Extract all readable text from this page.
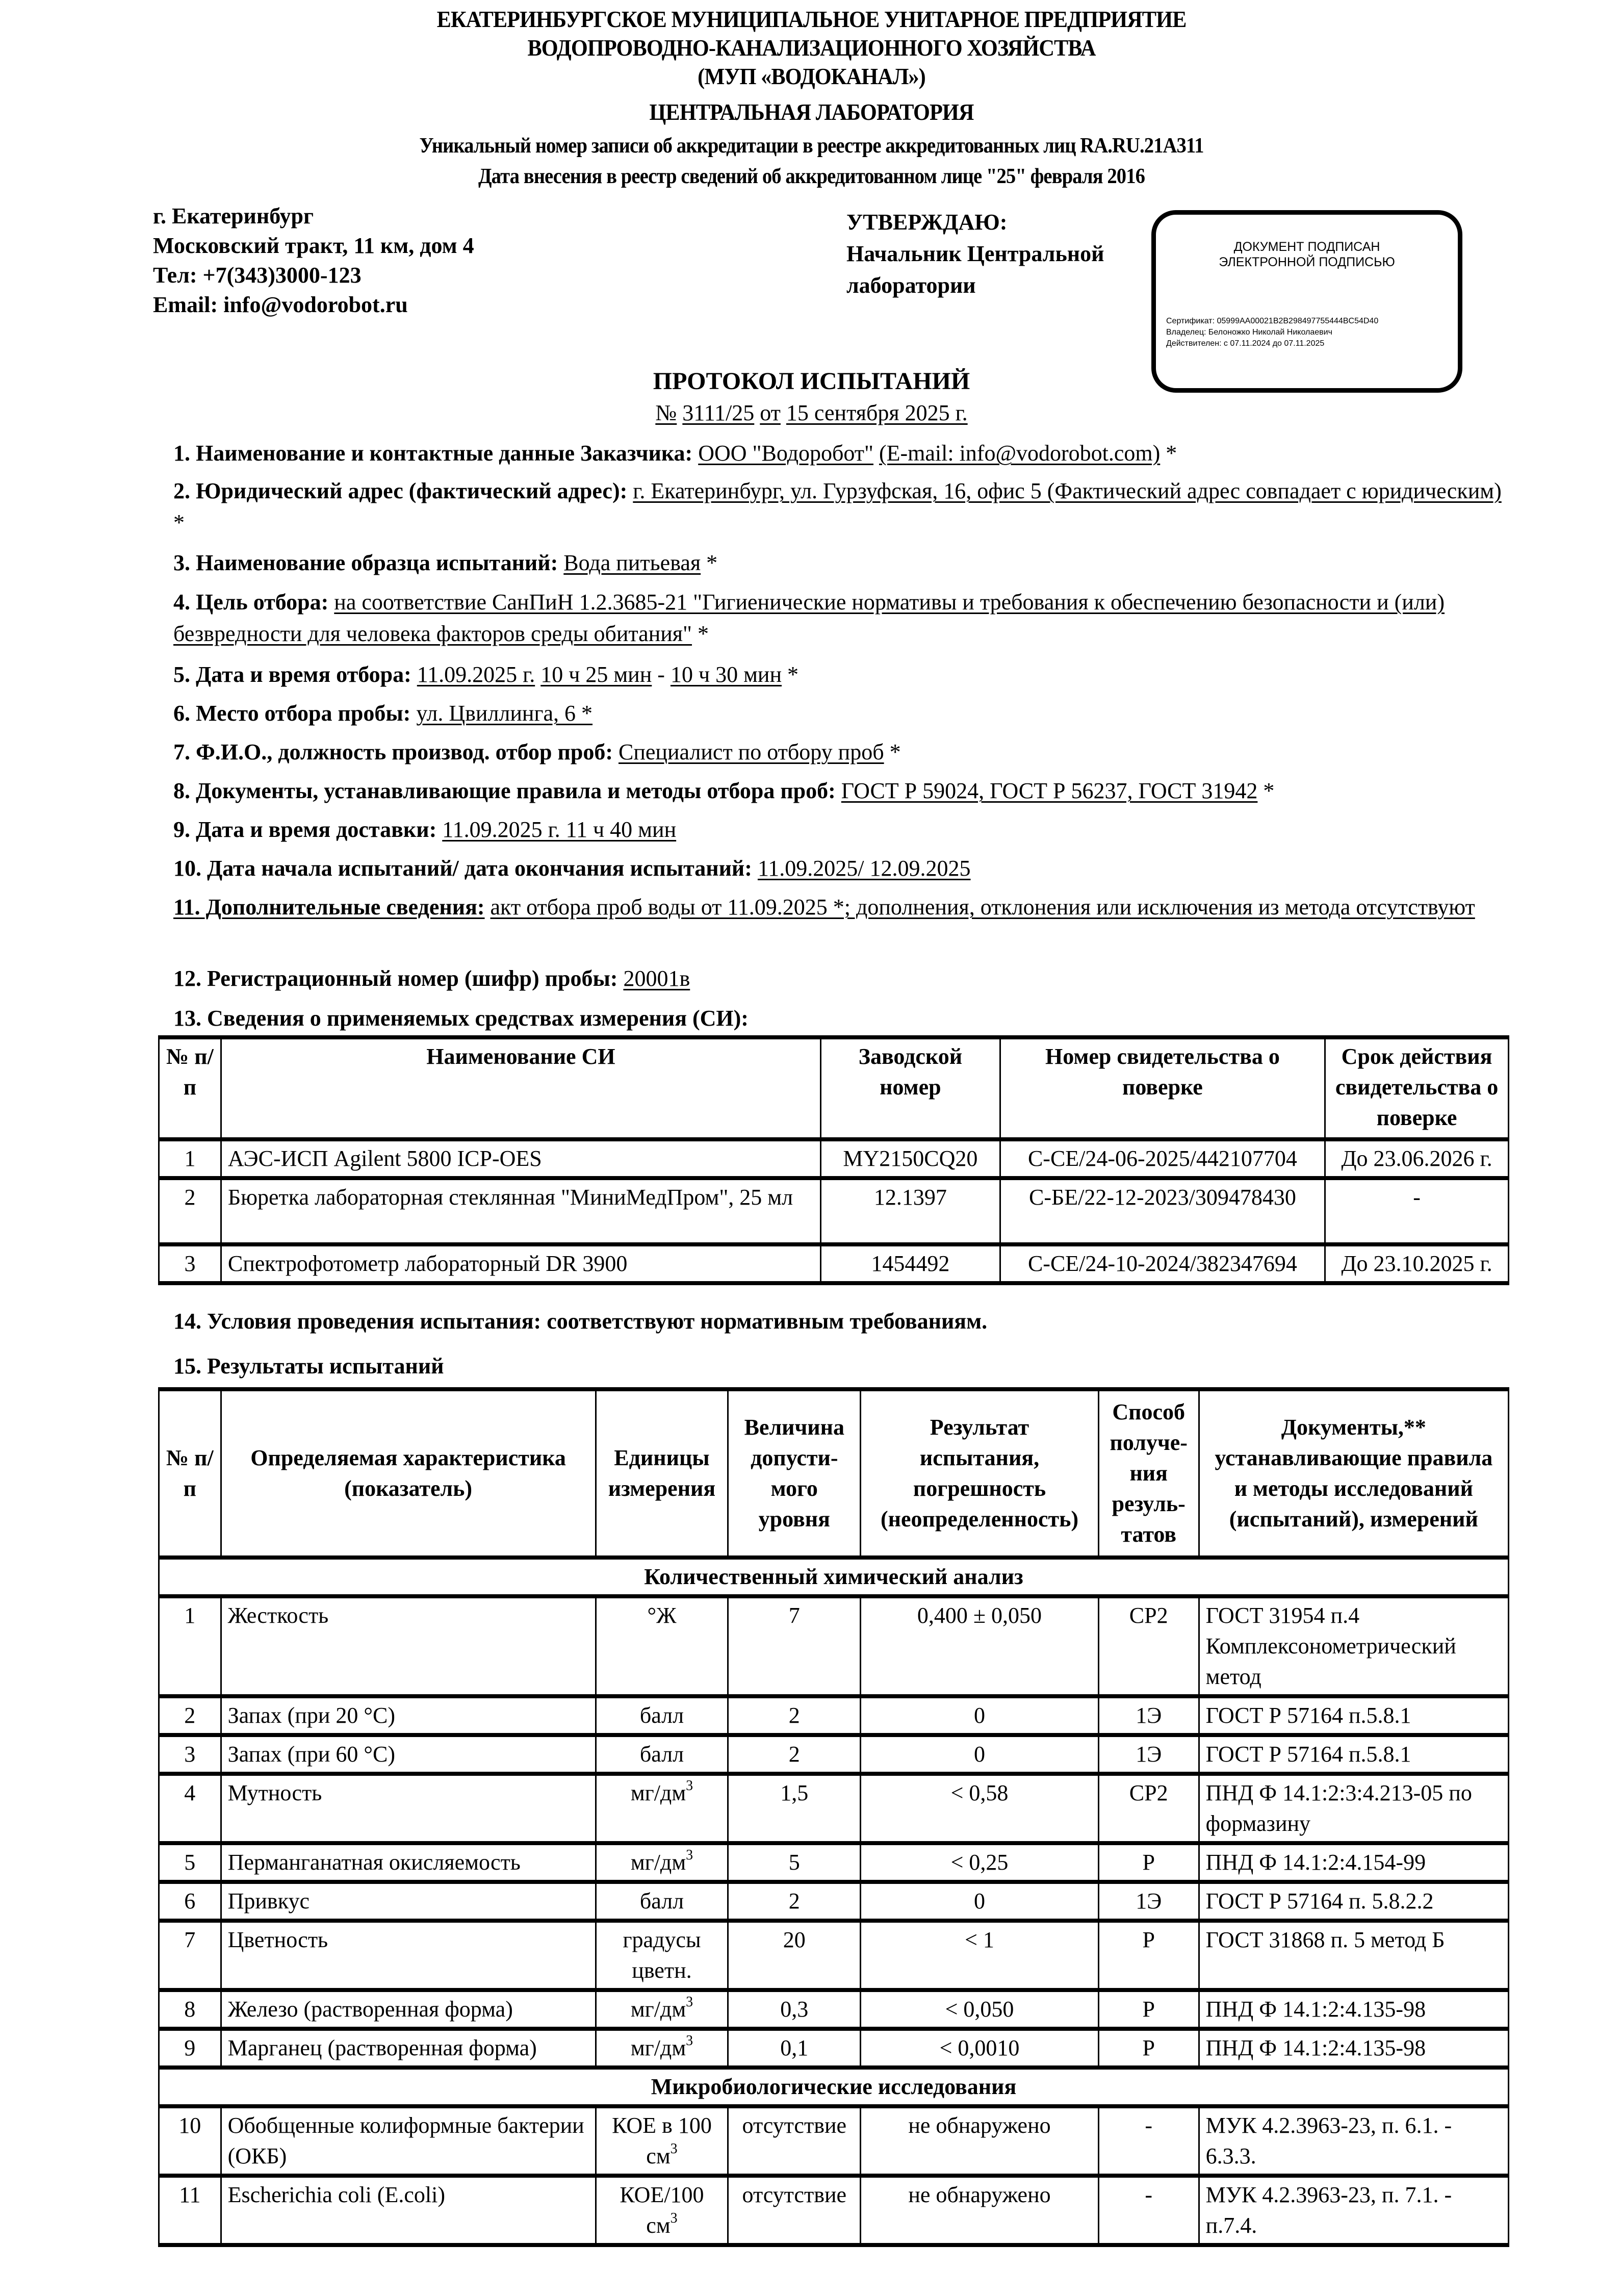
ЕКАТЕРИНБУРГСКОЕ МУНИЦИПАЛЬНОЕ УНИТАРНОЕ ПРЕДПРИЯТИЕ
ВОДОПРОВОДНО-КАНАЛИЗАЦИОННОГО ХОЗЯЙСТВА
(МУП «ВОДОКАНАЛ»)
ЦЕНТРАЛЬНАЯ ЛАБОРАТОРИЯ
Уникальный номер записи об аккредитации в реестре аккредитованных лиц RA.RU.21A311
Дата внесения в реестр сведений об аккредитованном лице "25" февраля 2016
г. Екатеринбург
Московский тракт, 11 км, дом 4
Тел: +7(343)3000-123
Email: info@vodorobot.ru
УТВЕРЖДАЮ:
Начальник Центральной
лаборатории
ДОКУМЕНТ ПОДПИСАН
ЭЛЕКТРОННОЙ ПОДПИСЬЮ
Сертификат: 05999AA00021B2B298497755444BC54D40
Владелец: Белоножко Николай Николаевич
Действителен: с 07.11.2024 до 07.11.2025
ПРОТОКОЛ ИСПЫТАНИЙ
№ 3111/25 от 15 сентября 2025 г.
1. Наименование и контактные данные Заказчика: ООО "Водоробот" (E-mail: info@vodorobot.com) *
2. Юридический адрес (фактический адрес): г. Екатеринбург, ул. Гурзуфская, 16, офис 5 (Фактический адрес совпадает с юридическим) *
3. Наименование образца испытаний: Вода питьевая *
4. Цель отбора: на соответствие СанПиН 1.2.3685-21 "Гигиенические нормативы и требования к обеспечению безопасности и (или) безвредности для человека факторов среды обитания" *
5. Дата и время отбора: 11.09.2025 г. 10 ч 25 мин - 10 ч 30 мин *
6. Место отбора пробы: ул. Цвиллинга, 6 *
7. Ф.И.О., должность производ. отбор проб: Специалист по отбору проб *
8. Документы, устанавливающие правила и методы отбора проб: ГОСТ Р 59024, ГОСТ Р 56237, ГОСТ 31942 *
9. Дата и время доставки: 11.09.2025 г. 11 ч 40 мин
10. Дата начала испытаний/ дата окончания испытаний: 11.09.2025/ 12.09.2025
11. Дополнительные сведения: акт отбора проб воды от 11.09.2025 *; дополнения, отклонения или исключения из метода отсутствуют
12. Регистрационный номер (шифр) пробы: 20001в
13. Сведения о применяемых средствах измерения (СИ):
№ п/п	Наименование СИ	Заводской номер	Номер свидетельства о поверке	Срок действия свидетельства о поверке
1	АЭС-ИСП Agilent 5800 ICP-OES	MY2150CQ20	С-СЕ/24-06-2025/442107704	До 23.06.2026 г.
2	Бюретка лабораторная стеклянная "МиниМедПром", 25 мл	12.1397	С-БЕ/22-12-2023/309478430	-
3	Спектрофотометр лабораторный DR 3900	1454492	С-СЕ/24-10-2024/382347694	До 23.10.2025 г.
14. Условия проведения испытания: соответствуют нормативным требованиям.
15. Результаты испытаний
№ п/п	Определяемая характеристика (показатель)	Единицы измерения	Величина допусти-мого уровня	Результат испытания, погрешность (неопределенность)	Способ получе-ния резуль-татов	Документы,** устанавливающие правила и методы исследований (испытаний), измерений
Количественный химический анализ						
1	Жесткость	°Ж	7	0,400 ± 0,050	СР2	ГОСТ 31954 п.4 Комплексонометрический метод
2	Запах (при 20 °С)	балл	2	0	1Э	ГОСТ Р 57164 п.5.8.1
3	Запах (при 60 °С)	балл	2	0	1Э	ГОСТ Р 57164 п.5.8.1
4	Мутность	$мг/дм^3$	1,5	< 0,58	СР2	ПНД Ф 14.1:2:3:4.213-05 по формазину
5	Перманганатная окисляемость	$мг/дм^3$	5	< 0,25	Р	ПНД Ф 14.1:2:4.154-99
6	Привкус	балл	2	0	1Э	ГОСТ Р 57164 п. 5.8.2.2
7	Цветность	градусы цветн.	20	< 1	Р	ГОСТ 31868 п. 5 метод Б
8	Железо (растворенная форма)	$мг/дм^3$	0,3	< 0,050	Р	ПНД Ф 14.1:2:4.135-98
9	Марганец (растворенная форма)	$мг/дм^3$	0,1	< 0,0010	Р	ПНД Ф 14.1:2:4.135-98
Микробиологические исследования						
10	Обобщенные колиформные бактерии (ОКБ)	КОЕ в 100 $см^3$	отсутствие	не обнаружено	-	МУК 4.2.3963-23, п. 6.1. - 6.3.3.
11	Escherichia coli (E.coli)	КОЕ/100 $см^3$	отсутствие	не обнаружено	-	МУК 4.2.3963-23, п. 7.1. - п.7.4.
